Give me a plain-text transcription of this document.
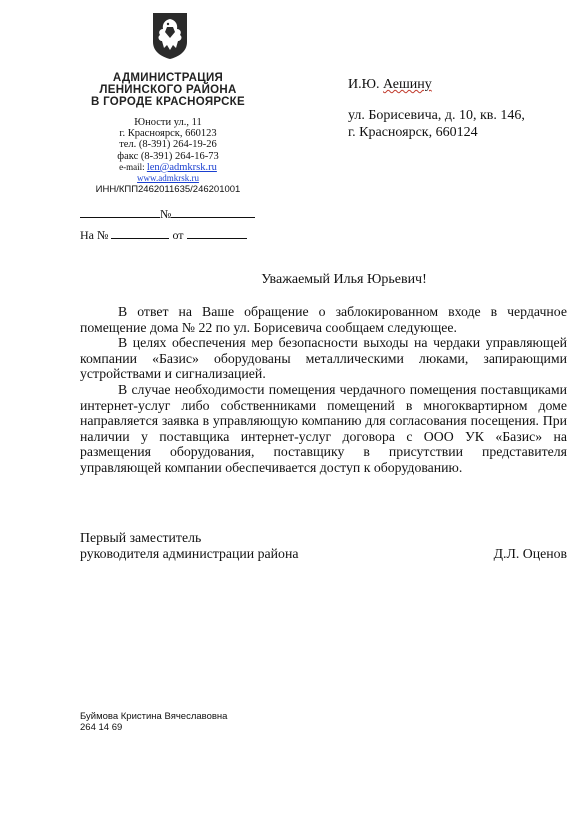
АДМИНИСТРАЦИЯ
ЛЕНИНСКОГО РАЙОНА
В ГОРОДЕ КРАСНОЯРСКЕ
Юности ул., 11
г. Красноярск, 660123
тел. (8-391) 264-19-26
факс (8-391) 264-16-73
e-mail: len@admkrsk.ru
www.admkrsk.ru
ИНН/КПП2462011635/246201001
№
На №	от
И.Ю. Аешину
ул. Борисевича, д. 10, кв. 146,
г. Красноярск, 660124
Уважаемый Илья Юрьевич!

В ответ на Ваше обращение о заблокированном входе в чердачное помещение дома № 22 по ул. Борисевича сообщаем следующее.

В целях обеспечения мер безопасности выходы на чердаки управляющей компании «Базис» оборудованы металлическими люками, запирающими устройствами и сигнализацией.

В случае необходимости помещения чердачного помещения поставщиками интернет-услуг либо собственниками помещений в многоквартирном доме направляется заявка в управляющую компанию для согласования посещения. При наличии у поставщика интернет-услуг договора с ООО УК «Базис» на размещения оборудования, поставщику в присутствии представителя управляющей компании обеспечивается доступ к оборудованию.

Первый заместитель
руководителя администрации района	Д.Л. Оценов
Буймова Кристина Вячеславовна
264 14 69
